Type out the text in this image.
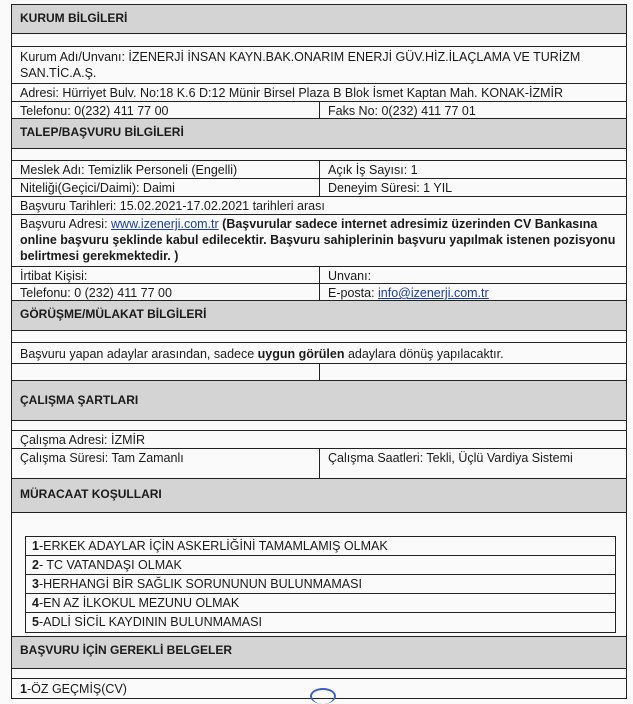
KURUM BİLGİLERİ
Kurum Adı/Unvanı: İZENERJİ İNSAN KAYN.BAK.ONARIM ENERJİ GÜV.HİZ.İLAÇLAMA VE TURİZM SAN.TİC.A.Ş.
Adresi: Hürriyet Bulv. No:18 K.6 D:12 Münir Birsel Plaza B Blok İsmet Kaptan Mah. KONAK-İZMİR
Telefonu: 0(232) 411 77 00	Faks No: 0(232) 411 77 01
TALEP/BAŞVURU BİLGİLERİ
Meslek Adı: Temizlik Personeli (Engelli)	Açık İş Sayısı: 1
Niteliği(Geçici/Daimi): Daimi	Deneyim Süresi: 1 YIL
Başvuru Tarihleri: 15.02.2021-17.02.2021 tarihleri arası
Başvuru Adresi: www.izenerji.com.tr (Başvurular sadece internet adresimiz üzerinden CV Bankasına online başvuru şeklinde kabul edilecektir. Başvuru sahiplerinin başvuru yapılmak istenen pozisyonu belirtmesi gerekmektedir. )
İrtibat Kişisi:	Unvanı:
Telefonu: 0 (232) 411 77 00	E-posta: info@izenerji.com.tr
GÖRÜŞME/MÜLAKAT BİLGİLERİ
Başvuru yapan adaylar arasından, sadece uygun görülen adaylara dönüş yapılacaktır.
ÇALIŞMA ŞARTLARI
Çalışma Adresi: İZMİR
Çalışma Süresi: Tam Zamanlı	Çalışma Saatleri: Tekli, Üçlü Vardiya Sistemi
MÜRACAAT KOŞULLARI
1-ERKEK ADAYLAR İÇİN ASKERLİĞİNİ TAMAMLAMIŞ OLMAK
2- TC VATANDAŞI OLMAK
3-HERHANGİ BİR SAĞLIK SORUNUNUN BULUNMAMASI
4-EN AZ İLKOKUL MEZUNU OLMAK
5-ADLİ SİCİL KAYDININ BULUNMAMASI
BAŞVURU İÇİN GEREKLİ BELGELER
1-ÖZ GEÇMİŞ(CV)
